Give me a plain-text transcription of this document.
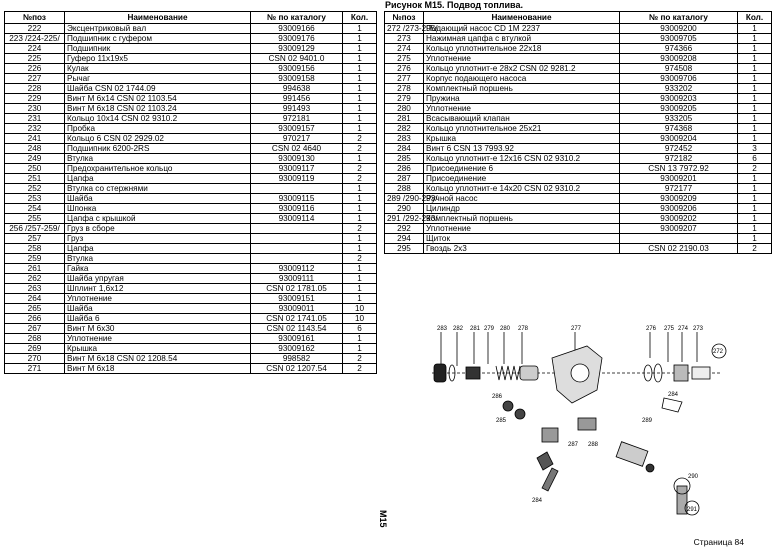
Рисунок M15. Подвод топлива.
№поз	Наименование	№ по каталогу	Кол.
222	Эксцентриковый вал	93009166	1
223 /224-225/	Подшипник с гуфером	93009176	1
224	Подшипник	93009129	1
225	Гуферо 11х19х5	CSN 02 9401.0	1
226	Кулак	93009156	1
227	Рычаг	93009158	1
228	Шайба CSN 02 1744.09	994638	1
229	Винт М 6х14 CSN 02 1103.54	991456	1
230	Винт М 6х18 CSN 02 1103.24	991493	1
231	Кольцо 10х14 CSN 02 9310.2	972181	1
232	Пробка	93009157	1
241	Кольцо 6 CSN 02 2929.02	970217	2
248	Подшипник 6200-2RS	CSN 02 4640	2
249	Втулка	93009130	1
250	Предохранительное кольцо	93009117	2
251	Цапфа	93009119	2
252	Втулка со стержнями		1
253	Шайба	93009115	1
254	Шпонка	93009116	1
255	Цапфа с крышкой	93009114	1
256 /257-259/	Груз в сборе		2
257	Груз		1
258	Цапфа		1
259	Втулка		2
261	Гайка	93009112	1
262	Шайба упругая	93009111	1
263	Шплинт 1,6х12	CSN 02 1781.05	1
264	Уплотнение	93009151	1
265	Шайба	93009011	10
266	Шайба 6	CSN 02 1741.05	10
267	Винт М 6х30	CSN 02 1143.54	6
268	Уплотнение	93009161	1
269	Крышка	93009162	1
270	Винт М 6х18 CSN 02 1208.54	998582	2
271	Винт М 6х18	CSN 02 1207.54	2
№поз	Наименование	№ по каталогу	Кол.
272 /273-295/	Подающий насос CD 1M 2237	93009200	1
273	Нажимная цапфа с втулкой	93009705	1
274	Кольцо уплотнительное 22х18	974366	1
275	Уплотнение	93009208	1
276	Кольцо уплотнит-е 28х2 CSN 02 9281.2	974508	1
277	Корпус подающего насоса	93009706	1
278	Комплектный поршень	933202	1
279	Пружина	93009203	1
280	Уплотнение	93009205	1
281	Всасывающий клапан	933205	1
282	Кольцо уплотнительное 25х21	974368	1
283	Крышка	93009204	1
284	Винт 6 CSN 13 7993.92	972452	3
285	Кольцо уплотнит-е 12х16 CSN 02 9310.2	972182	6
286	Присоединение 6	CSN 13 7972.92	2
287	Присоединение	93009201	1
288	Кольцо уплотнит-е 14х20 CSN 02 9310.2	972177	1
289 /290-293/	Ручной насос	93009209	1
290	Цилиндр	93009206	1
291 /292-293/	Комплектный поршень	93009202	1
292	Уплотнение	93009207	1
294	Щиток		1
295	Гвоздь 2х3	CSN 02 2190.03	2
283 282 281 279 280 278	277	276 275 274 273
272
286
285
287 288
284
289
284
291
290
M15
Страница 84
